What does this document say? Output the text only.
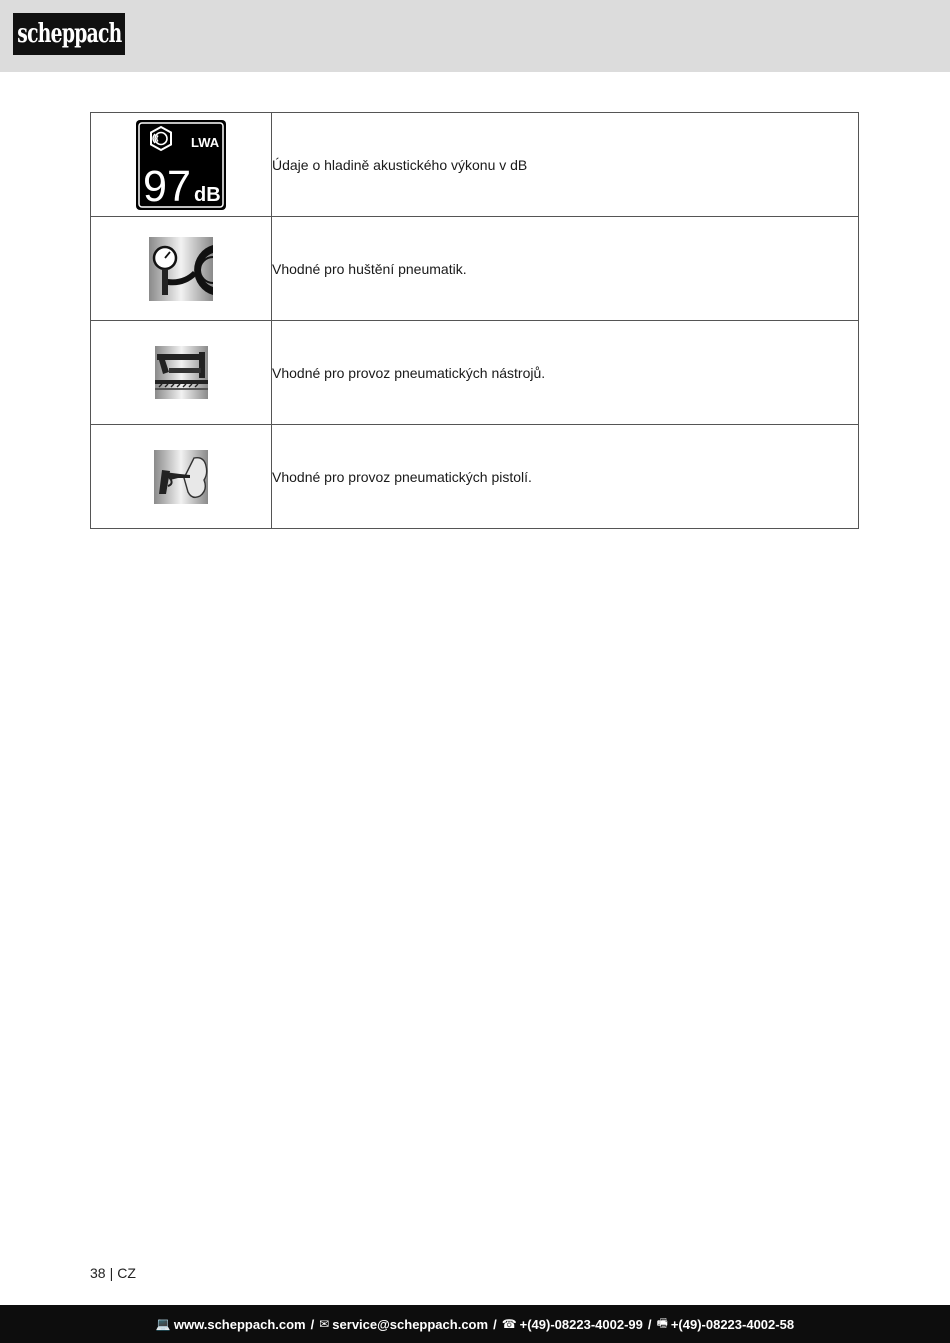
scheppach
LWA
97 dB	Údaje o hladině akustického výkonu v dB

	Vhodné pro huštění pneumatik.

	Vhodné pro provoz pneumatických nástrojů.

	Vhodné pro provoz pneumatických pistolí.
38 | CZ
💻 www.scheppach.com / ✉ service@scheppach.com / ☎ +(49)-08223-4002-99 / 🖷 +(49)-08223-4002-58
